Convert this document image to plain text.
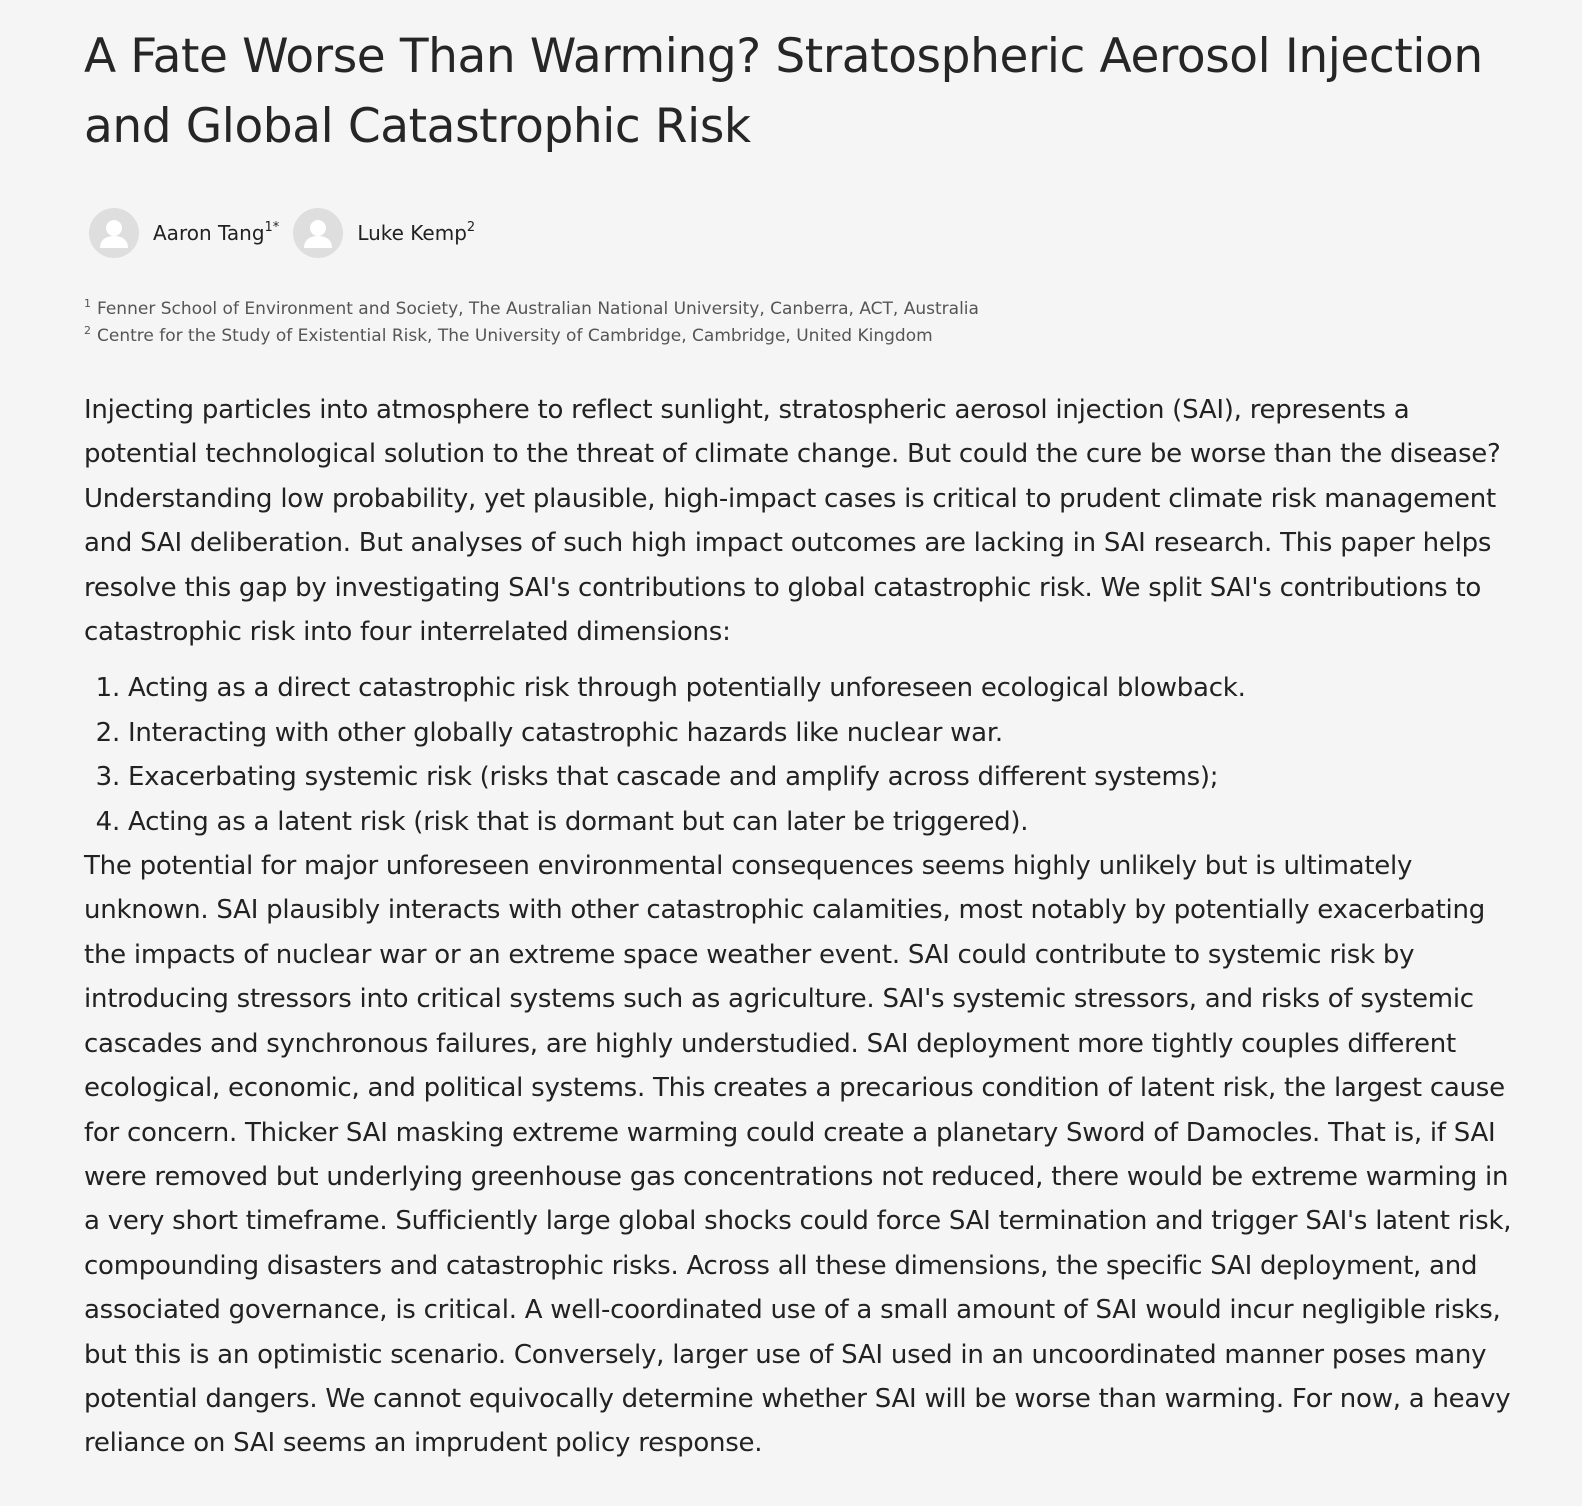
A Fate Worse Than Warming? Stratospheric Aerosol Injection and Global Catastrophic Risk
Aaron Tang$^{1*}$	Luke Kemp$^2$
$^1$ Fenner School of Environment and Society, The Australian National University, Canberra, ACT, Australia
$^2$ Centre for the Study of Existential Risk, The University of Cambridge, Cambridge, United Kingdom

Injecting particles into atmosphere to reflect sunlight, stratospheric aerosol injection (SAI), represents a potential technological solution to the threat of climate change. But could the cure be worse than the disease? Understanding low probability, yet plausible, high-impact cases is critical to prudent climate risk management and SAI deliberation. But analyses of such high impact outcomes are lacking in SAI research. This paper helps resolve this gap by investigating SAI's contributions to global catastrophic risk. We split SAI's contributions to catastrophic risk into four interrelated dimensions:

1. Acting as a direct catastrophic risk through potentially unforeseen ecological blowback.
2. Interacting with other globally catastrophic hazards like nuclear war.
3. Exacerbating systemic risk (risks that cascade and amplify across different systems);
4. Acting as a latent risk (risk that is dormant but can later be triggered).

The potential for major unforeseen environmental consequences seems highly unlikely but is ultimately unknown. SAI plausibly interacts with other catastrophic calamities, most notably by potentially exacerbating the impacts of nuclear war or an extreme space weather event. SAI could contribute to systemic risk by introducing stressors into critical systems such as agriculture. SAI's systemic stressors, and risks of systemic cascades and synchronous failures, are highly understudied. SAI deployment more tightly couples different ecological, economic, and political systems. This creates a precarious condition of latent risk, the largest cause for concern. Thicker SAI masking extreme warming could create a planetary Sword of Damocles. That is, if SAI were removed but underlying greenhouse gas concentrations not reduced, there would be extreme warming in a very short timeframe. Sufficiently large global shocks could force SAI termination and trigger SAI's latent risk, compounding disasters and catastrophic risks. Across all these dimensions, the specific SAI deployment, and associated governance, is critical. A well-coordinated use of a small amount of SAI would incur negligible risks, but this is an optimistic scenario. Conversely, larger use of SAI used in an uncoordinated manner poses many potential dangers. We cannot equivocally determine whether SAI will be worse than warming. For now, a heavy reliance on SAI seems an imprudent policy response.
